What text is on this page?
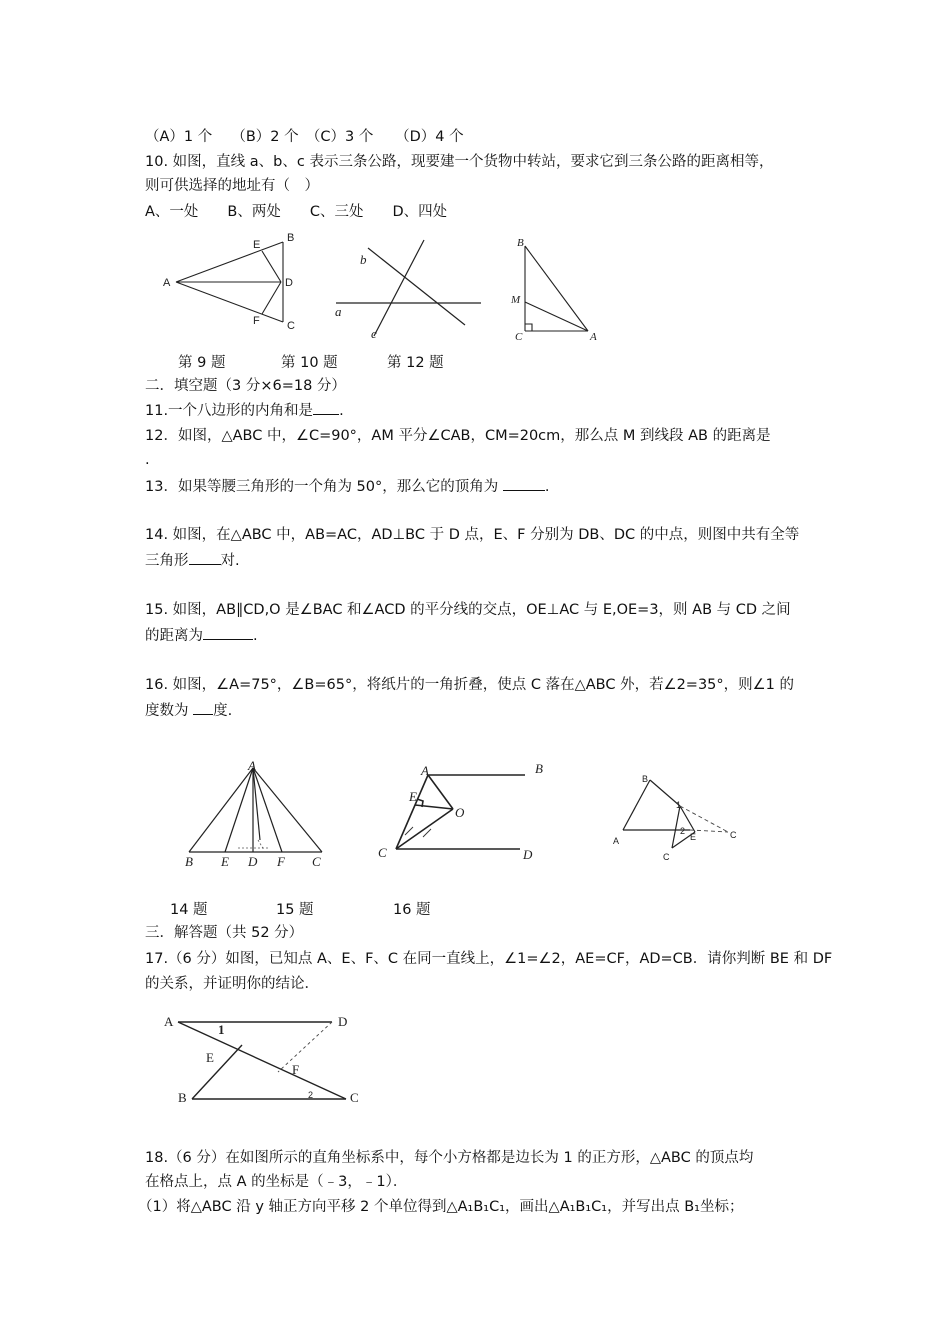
（A）1 个　 （B）2 个　（C）3 个　　（D）4 个
10. 如图，直线 a、b、c 表示三条公路，现要建一个货物中转站，要求它到三条公路的距离相等，
则可供选择的地址有（　）
A、一处　　B、两处　　C、三处　　D、四处
A
B
C
D
E
F
b
a
c
B
M
C	A
第 9 题	第 10 题	第 12 题
二．填空题（3 分×6=18 分）
11.一个八边形的内角和是 .
12．如图，△ABC 中，∠C=90°，AM 平分∠CAB，CM=20cm，那么点 M 到线段 AB 的距离是
.
13．如果等腰三角形的一个角为 50°，那么它的顶角为	.
14. 如图，在△ABC 中，AB=AC，AD⊥BC 于 D 点，E、F 分别为 DB、DC 的中点，则图中共有全等
三角形 对.
15. 如图，AB∥CD,O 是∠BAC 和∠ACD 的平分线的交点，OE⊥AC 与 E,OE=3，则 AB 与 CD 之间
的距离为	.
16. 如图，∠A=75°，∠B=65°，将纸片的一角折叠，使点 C 落在△ABC 外，若∠2=35°，则∠1 的
度数为 度.
A
B E D F C
A	B
E
O
C	D
A
B
C
C
E
1
2
14 题	15 题	16 题
三．解答题（共 52 分）
17.（6 分）如图，已知点 A、E、F、C 在同一直线上，∠1=∠2，AE=CF，AD=CB．请你判断 BE 和 DF
的关系，并证明你的结论．
A	D
E
F
B	C
1
2
18.（6 分）在如图所示的直角坐标系中，每个小方格都是边长为 1 的正方形，△ABC 的顶点均
在格点上，点 A 的坐标是（﹣3，﹣1）．
（1）将△ABC 沿 y 轴正方向平移 2 个单位得到△A₁B₁C₁，画出△A₁B₁C₁，并写出点 B₁坐标；
